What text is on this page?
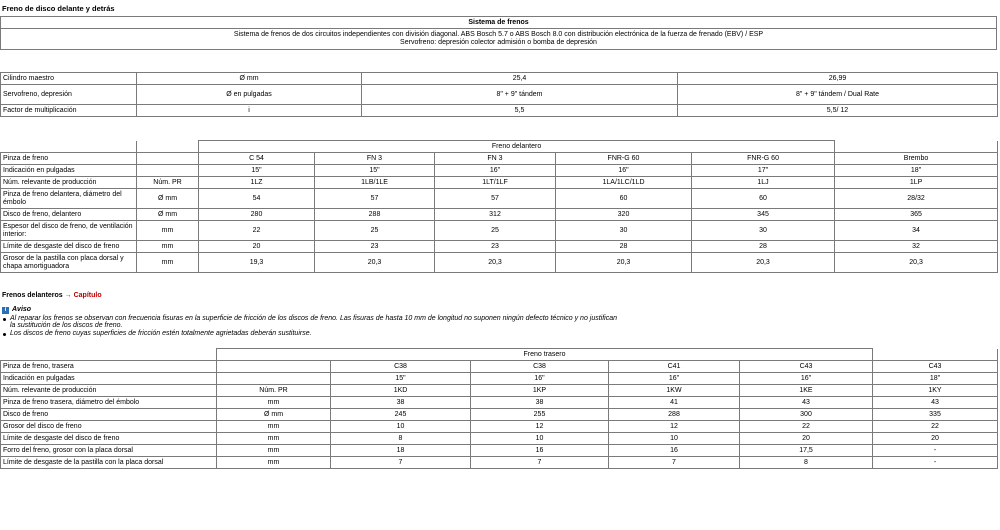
Freno de disco delante y detrás
Sistema de frenos

Sistema de frenos de dos circuitos independientes con división diagonal. ABS Bosch 5.7 o ABS Bosch 8.0 con distribución electrónica de la fuerza de frenado (EBV) / ESP
Servofreno: depresión colector admisión o bomba de depresión
Cilindro maestro	Ø mm	25,4	26,99
Servofreno, depresión	Ø en pulgadas	8" + 9" tándem	8" + 9" tándem / Dual Rate
Factor de multiplicación	i	5,5	5,5/ 12
		Freno delantero					
Pinza de freno		C 54	FN 3	FN 3	FNR-G 60	FNR-G 60	Brembo
Indicación en pulgadas		15"	15"	16"	16"	17"	18"
Núm. relevante de producción	Núm. PR	1LZ	1LB/1LE	1LT/1LF	1LA/1LC/1LD	1LJ	1LP
Pinza de freno delantera, diámetro del émbolo	Ø mm	54	57	57	60	60	28/32
Disco de freno, delantero	Ø mm	280	288	312	320	345	365
Espesor del disco de freno, de ventilación interior:	mm	22	25	25	30	30	34
Límite de desgaste del disco de freno	mm	20	23	23	28	28	32
Grosor de la pastilla con placa dorsal y chapa amortiguadora	mm	19,3	20,3	20,3	20,3	20,3	20,3
Frenos delanteros → Capítulo
i Aviso
Al reparar los frenos se observan con frecuencia fisuras en la superficie de fricción de los discos de freno. Las fisuras de hasta 10 mm de longitud no suponen ningún defecto técnico y no justifican la sustitución de los discos de freno.
Los discos de freno cuyas superficies de fricción estén totalmente agrietadas deberán sustituirse.
	Freno trasero					
Pinza de freno, trasera		C38	C38	C41	C43	C43
Indicación en pulgadas		15"	16"	16"	16"	18"
Núm. relevante de producción	Núm. PR	1KD	1KP	1KW	1KE	1KY
Pinza de freno trasera, diámetro del émbolo	mm	38	38	41	43	43
Disco de freno	Ø mm	245	255	288	300	335
Grosor del disco de freno	mm	10	12	12	22	22
Límite de desgaste del disco de freno	mm	8	10	10	20	20
Forro del freno, grosor con la placa dorsal	mm	18	16	16	17,5	-
Límite de desgaste de la pastilla con la placa dorsal	mm	7	7	7	8	-
